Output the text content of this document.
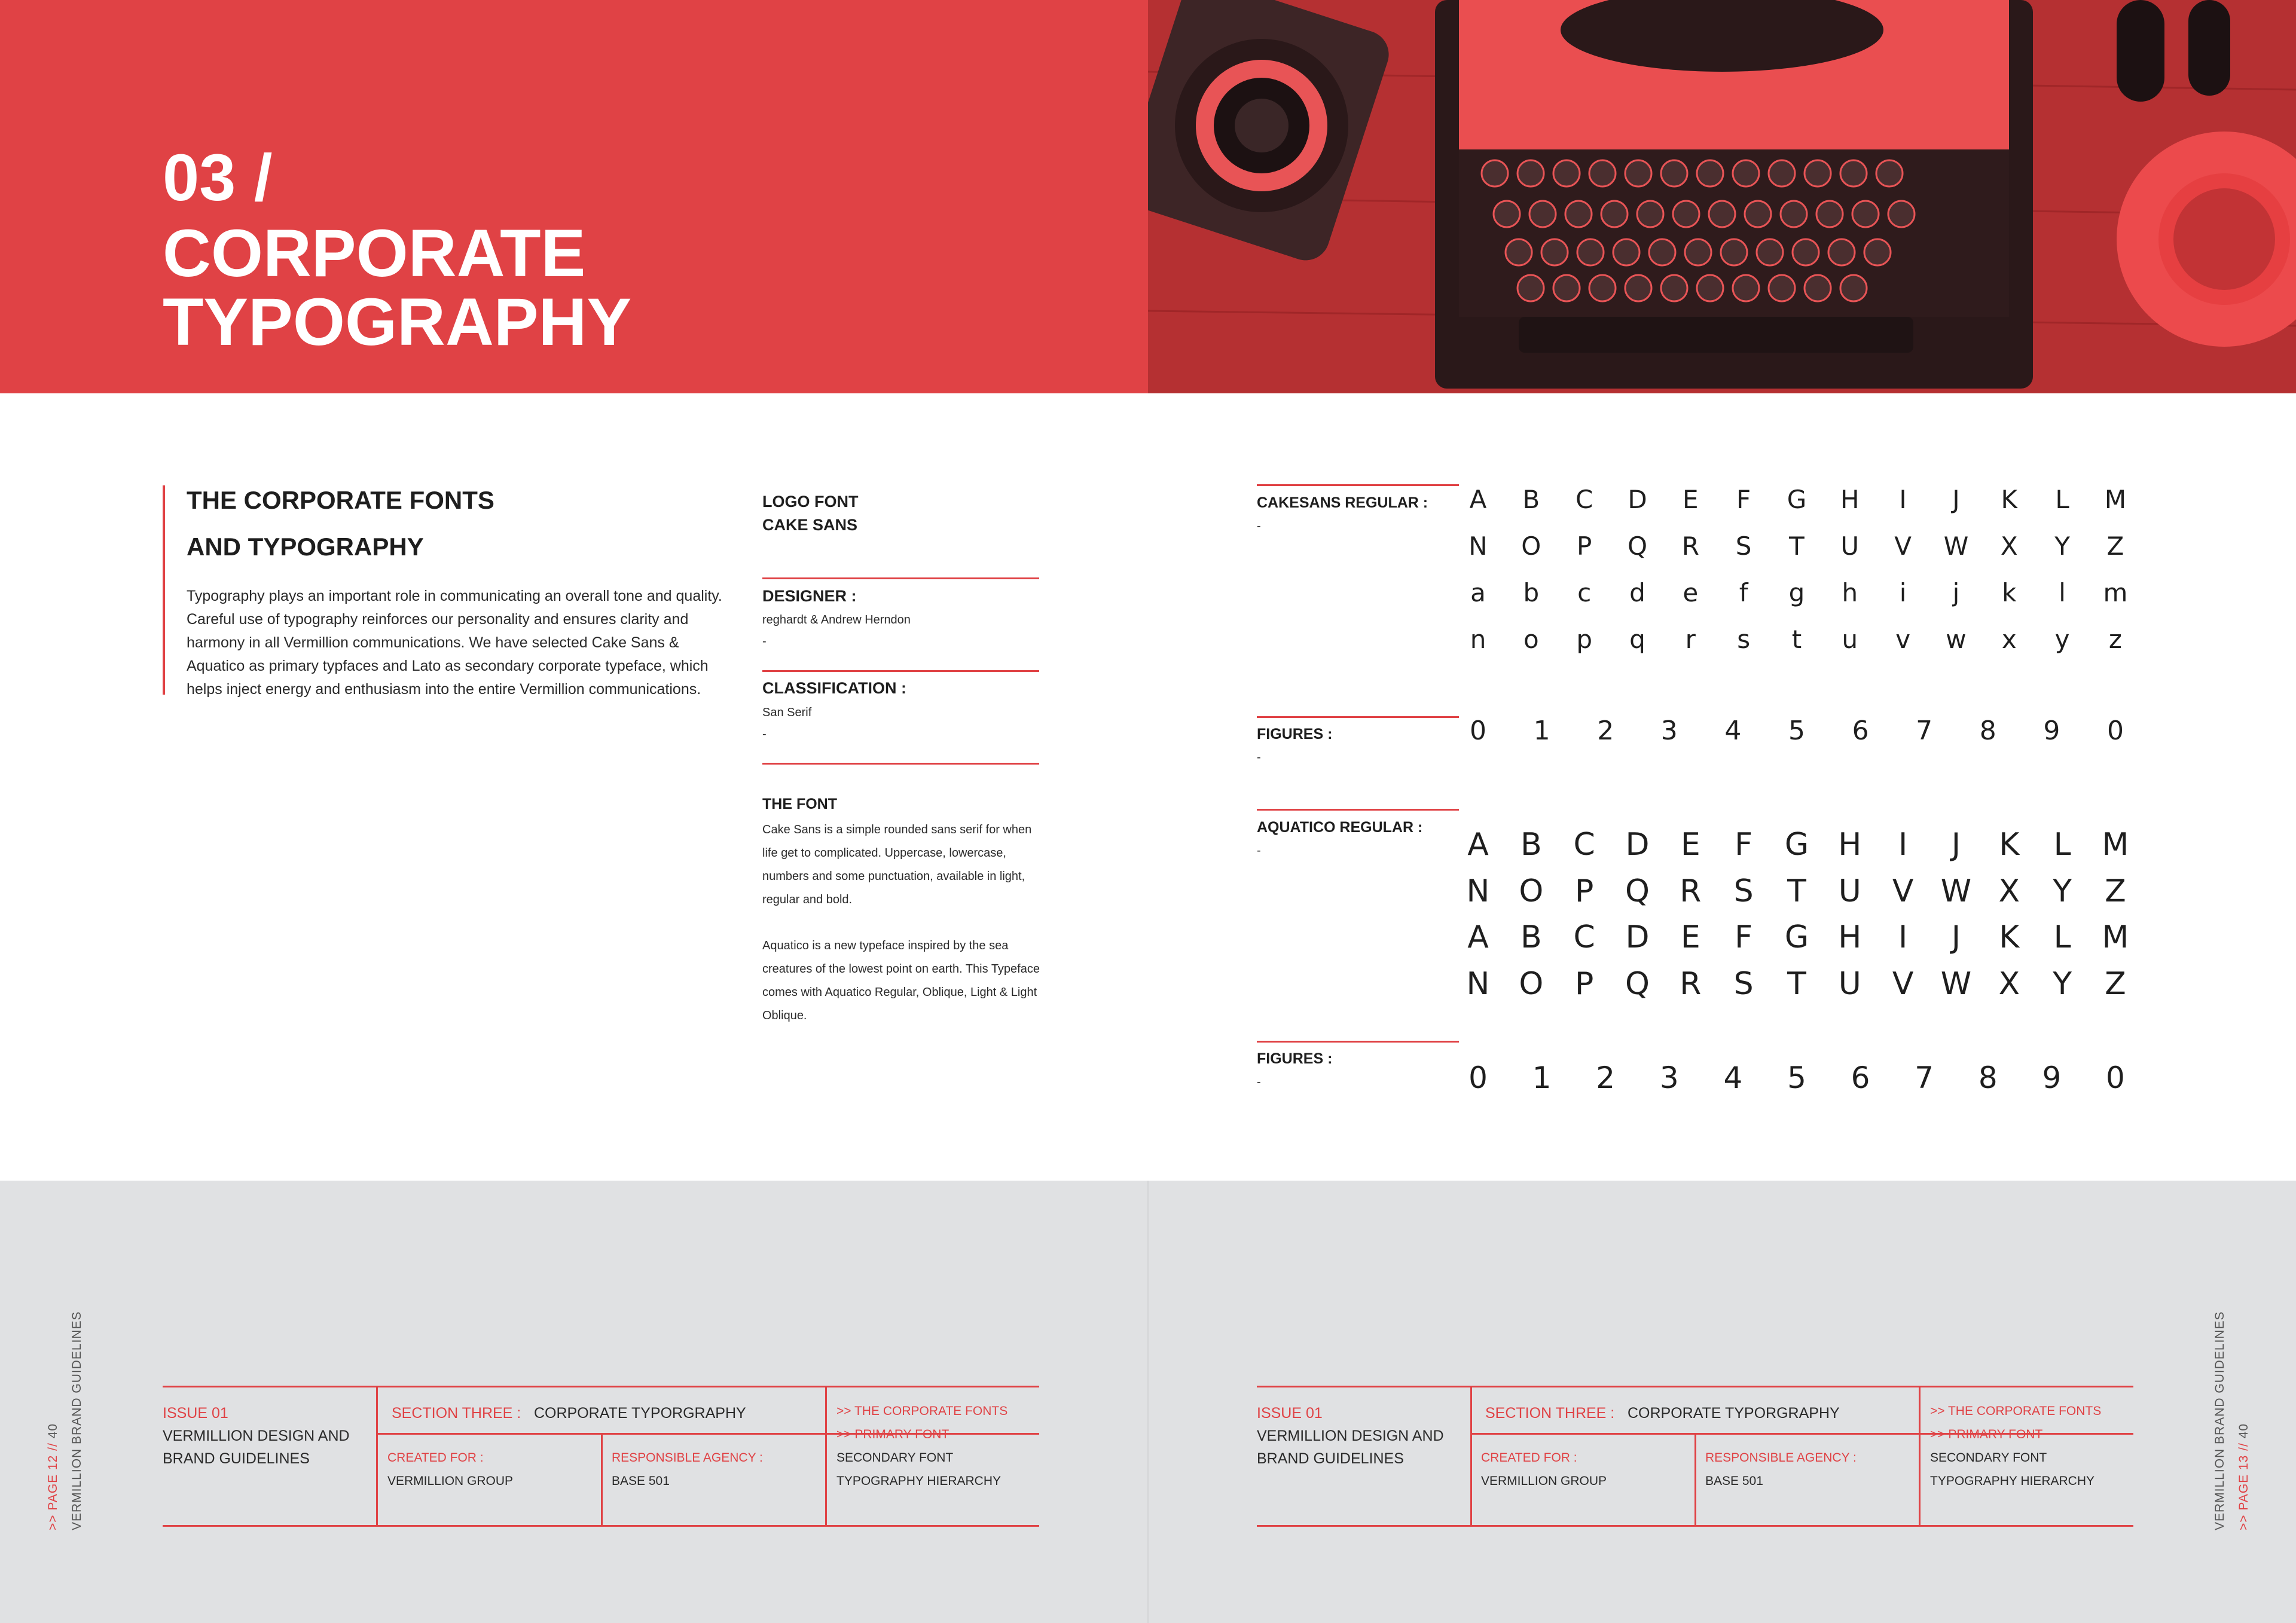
03 /
CORPORATE
TYPOGRAPHY
THE CORPORATE FONTS
AND TYPOGRAPHY
Typography plays an important role in communicating an overall tone and quality. Careful use of typography reinforces our personality and ensures clarity and harmony in all Vermillion communications. We have selected Cake Sans & Aquatico as primary typfaces and Lato as secondary corporate typeface, which helps inject energy and enthusiasm into the entire Vermillion communications.
LOGO FONT
CAKE SANS
DESIGNER :
reghardt & Andrew Herndon
-
CLASSIFICATION :
San Serif
-
THE FONT

Cake Sans is a simple rounded sans serif for when life get to complicated. Uppercase, lowercase, numbers and some punctuation, available in light, regular and bold.

Aquatico is a new typeface inspired by the sea creatures of the lowest point on earth. This Typeface comes with Aquatico Regular, Oblique, Light & Light Oblique.

CAKESANS REGULAR :
-
A	B	C	D	E	F	G	H	I	J	K	L	M
N	O	P	Q	R	S	T	U	V	W	X	Y	Z
a	b	c	d	e	f	g	h	i	j	k	l	m
n	o	p	q	r	s	t	u	v	w	x	y	z
FIGURES :
-
0	1	2	3	4	5	6	7	8	9	0
AQUATICO REGULAR :
-	A B C D E	F	G H	I	J	K	L M
N O	P	Q R S	T	U V W X	Y	Z
A B C D E	F	G H	I	J	K	L M
N O	P	Q R S	T	U V W X	Y	Z
FIGURES :
-	0	1	2	3	4	5	6	7	8	9	0
ISSUE 01
VERMILLION DESIGN AND
BRAND GUIDELINES
SECTION THREE : CORPORATE TYPORGRAPHY
CREATED FOR :
VERMILLION GROUP
RESPONSIBLE AGENCY :
BASE 501
>> THE CORPORATE FONTS
>> PRIMARY FONT
SECONDARY FONT
TYPOGRAPHY HIERARCHY
ISSUE 01
VERMILLION DESIGN AND
BRAND GUIDELINES
SECTION THREE : CORPORATE TYPORGRAPHY
CREATED FOR :
VERMILLION GROUP
RESPONSIBLE AGENCY :
BASE 501
>> THE CORPORATE FONTS
>> PRIMARY FONT
SECONDARY FONT
TYPOGRAPHY HIERARCHY
>> PAGE 12 // 40 VERMILLION BRAND GUIDELINES	VERMILLION BRAND GUIDELINES >> PAGE 13 // 40
